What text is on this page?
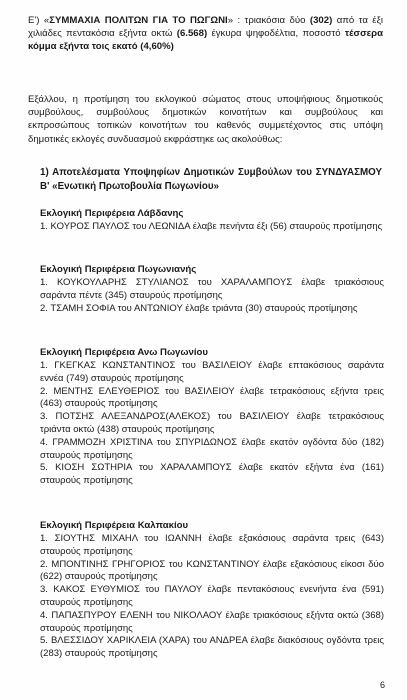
Ε') «ΣΥΜΜΑΧΙΑ ΠΟΛΙΤΩΝ ΓΙΑ ΤΟ ΠΩΓΩΝΙ» : τριακόσια δύο (302) από τα έξι χιλιάδες πεντακόσια εξήντα οκτώ (6.568) έγκυρα ψηφοδέλτια, ποσοστό τέσσερα κόμμα εξήντα τοις εκατό (4,60%)
Εξάλλου, η προτίμηση του εκλογικού σώματος στους υποψήφιους δημοτικούς συμβούλους, συμβούλους δημοτικών κοινοτήτων και συμβούλους και εκπροσώπους τοπικών κοινοτήτων του καθενός συμμετέχοντος στις υπόψη δημοτικές εκλογές συνδυασμού εκφράστηκε ως ακολούθως:
1) Αποτελέσματα Υποψηφίων Δημοτικών Συμβούλων του ΣΥΝΔΥΑΣΜΟΥ Β' «Ενωτική Πρωτοβουλία Πωγωνίου»
Εκλογική Περιφέρεια Λάβδανης
1. ΚΟΥΡΟΣ ΠΑΥΛΟΣ του ΛΕΩΝΙΔΑ έλαβε πενήντα έξι (56) σταυρούς προτίμησης
Εκλογική Περιφέρεια Πωγωνιανής
1. ΚΟΥΚΟΥΛΑΡΗΣ ΣΤΥΛΙΑΝΟΣ του ΧΑΡΑΛΑΜΠΟΥΣ έλαβε τριακόσιους σαράντα πέντε (345) σταυρούς προτίμησης
2. ΤΣΑΜΗ ΣΟΦΙΑ του ΑΝΤΩΝΙΟΥ έλαβε τριάντα (30) σταυρούς προτίμησης
Εκλογική Περιφέρεια Ανω Πωγωνίου
1. ΓΚΕΓΚΑΣ ΚΩΝΣΤΑΝΤΙΝΟΣ του ΒΑΣΙΛΕΙΟΥ έλαβε επτακόσιους σαράντα εννέα (749) σταυρούς προτίμησης
2. ΜΕΝΤΗΣ ΕΛΕΥΘΕΡΙΟΣ του ΒΑΣΙΛΕΙΟΥ έλαβε τετρακόσιους εξήντα τρεις (463) σταυρούς προτίμησης
3. ΠΟΤΣΗΣ ΑΛΕΞΑΝΔΡΟΣ(ΑΛΕΚΟΣ) του ΒΑΣΙΛΕΙΟΥ έλαβε τετρακόσιους τριάντα οκτώ (438) σταυρούς προτίμησης
4. ΓΡΑΜΜΟΖΗ ΧΡΙΣΤΙΝΑ του ΣΠΥΡΙΔΩΝΟΣ έλαβε εκατόν ογδόντα δύο (182) σταυρούς προτίμησης
5. ΚΙΟΣΗ ΣΩΤΗΡΙΑ του ΧΑΡΑΛΑΜΠΟΥΣ έλαβε εκατόν εξήντα ένα (161) σταυρούς προτίμησης
Εκλογική Περιφέρεια Καλπακίου
1. ΣΙΟΥΤΗΣ ΜΙΧΑΗΛ του ΙΩΑΝΝΗ έλαβε εξακόσιους σαράντα τρεις (643) σταυρούς προτίμησης
2. ΜΠΟΝΤΙΝΗΣ ΓΡΗΓΟΡΙΟΣ του ΚΩΝΣΤΑΝΤΙΝΟΥ έλαβε εξακόσιους είκοσι δύο (622) σταυρούς προτίμησης
3. ΚΑΚΟΣ ΕΥΘΥΜΙΟΣ του ΠΑΥΛΟΥ έλαβε πεντακόσιους ενενήντα ένα (591) σταυρούς προτίμησης
4. ΠΑΠΑΣΠΥΡΟΥ ΕΛΕΝΗ του ΝΙΚΟΛΑΟΥ έλαβε τριακόσιους εξήντα οκτώ (368) σταυρούς προτίμησης
5. ΒΛΕΣΣΙΔΟΥ ΧΑΡΙΚΛΕΙΑ (ΧΑΡΑ) του ΑΝΔΡΕΑ έλαβε διακόσιους ογδόντα τρεις (283) σταυρούς προτίμησης
6
